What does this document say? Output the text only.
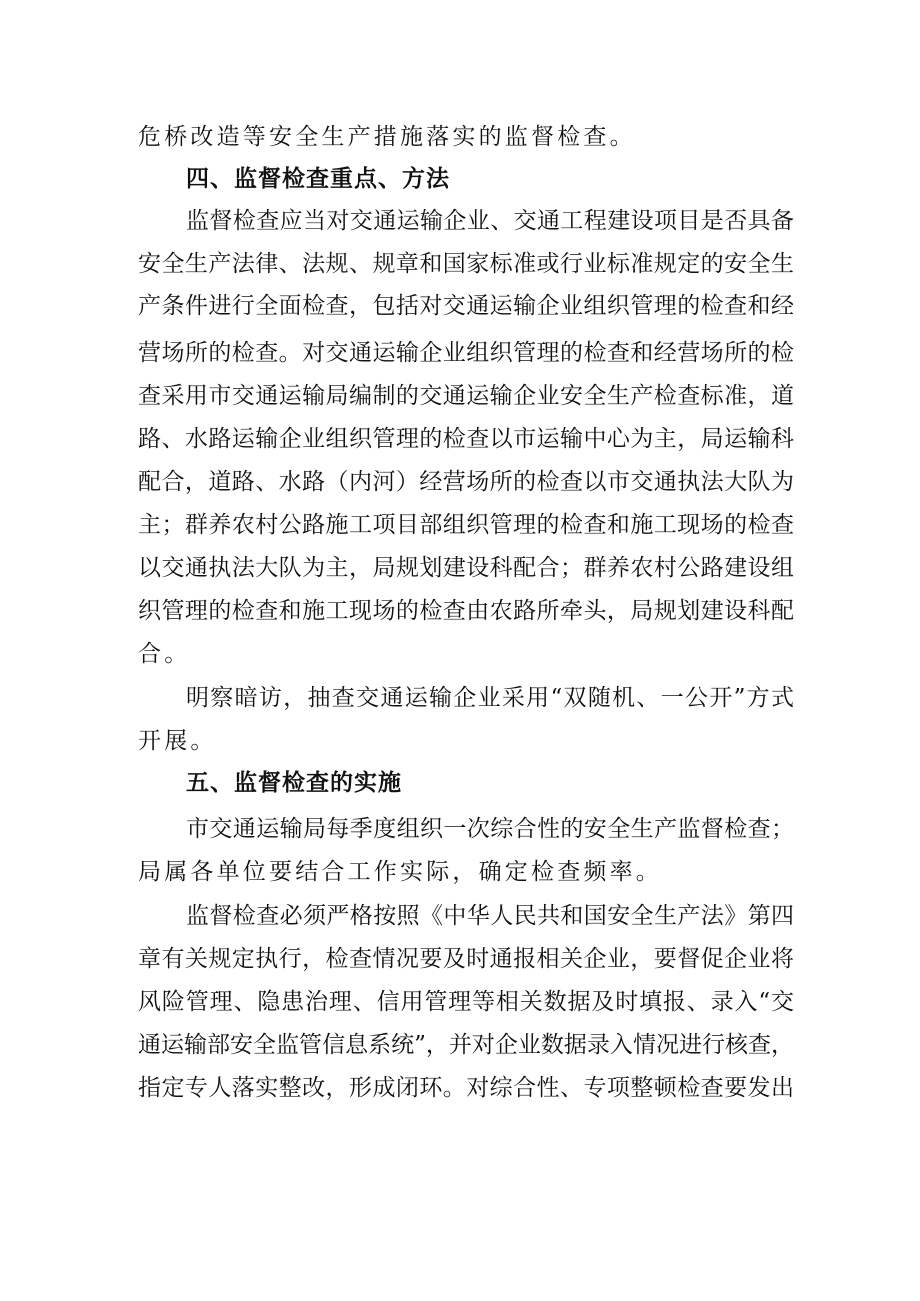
危桥改造等安全生产措施落实的监督检查。
四、监督检查重点、方法
监督检查应当对交通运输企业、交通工程建设项目是否具备
安全生产法律、法规、规章和国家标准或行业标准规定的安全生
产条件进行全面检查，包括对交通运输企业组织管理的检查和经
营场所的检查。对交通运输企业组织管理的检查和经营场所的检
查采用市交通运输局编制的交通运输企业安全生产检查标准，道
路、水路运输企业组织管理的检查以市运输中心为主，局运输科
配合，道路、水路（内河）经营场所的检查以市交通执法大队为
主；群养农村公路施工项目部组织管理的检查和施工现场的检查
以交通执法大队为主，局规划建设科配合；群养农村公路建设组
织管理的检查和施工现场的检查由农路所牵头，局规划建设科配
合。
明察暗访，抽查交通运输企业采用“双随机、一公开”方式
开展。
五、监督检查的实施
市交通运输局每季度组织一次综合性的安全生产监督检查；
局属各单位要结合工作实际，确定检查频率。
监督检查必须严格按照《中华人民共和国安全生产法》第四
章有关规定执行，检查情况要及时通报相关企业，要督促企业将
风险管理、隐患治理、信用管理等相关数据及时填报、录入“交
通运输部安全监管信息系统”，并对企业数据录入情况进行核查，
指定专人落实整改，形成闭环。对综合性、专项整顿检查要发出
